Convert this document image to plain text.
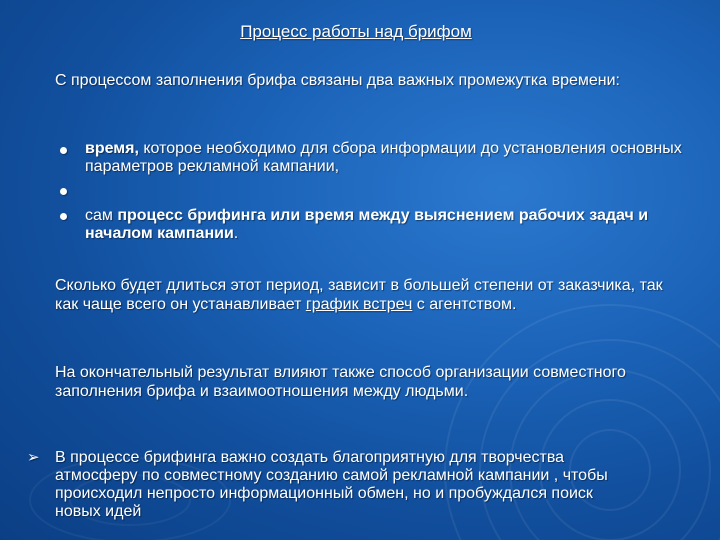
Процесс работы над брифом
С процессом заполнения брифа связаны два важных промежутка времени:
время, которое необходимо для сбора информации до установления основных параметров рекламной кампании,
сам процесс брифинга или время между выяснением рабочих задач и началом кампании.
Сколько будет длиться этот период, зависит в большей степени от заказчика, так как чаще всего он устанавливает график встреч с агентством.
На окончательный результат влияют также способ организации совместного заполнения брифа и взаимоотношения между людьми.
➢ В процессе брифинга важно создать благоприятную для творчества атмосферу по совместному созданию самой рекламной кампании , чтобы происходил непросто информационный обмен, но и пробуждался поиск новых идей
